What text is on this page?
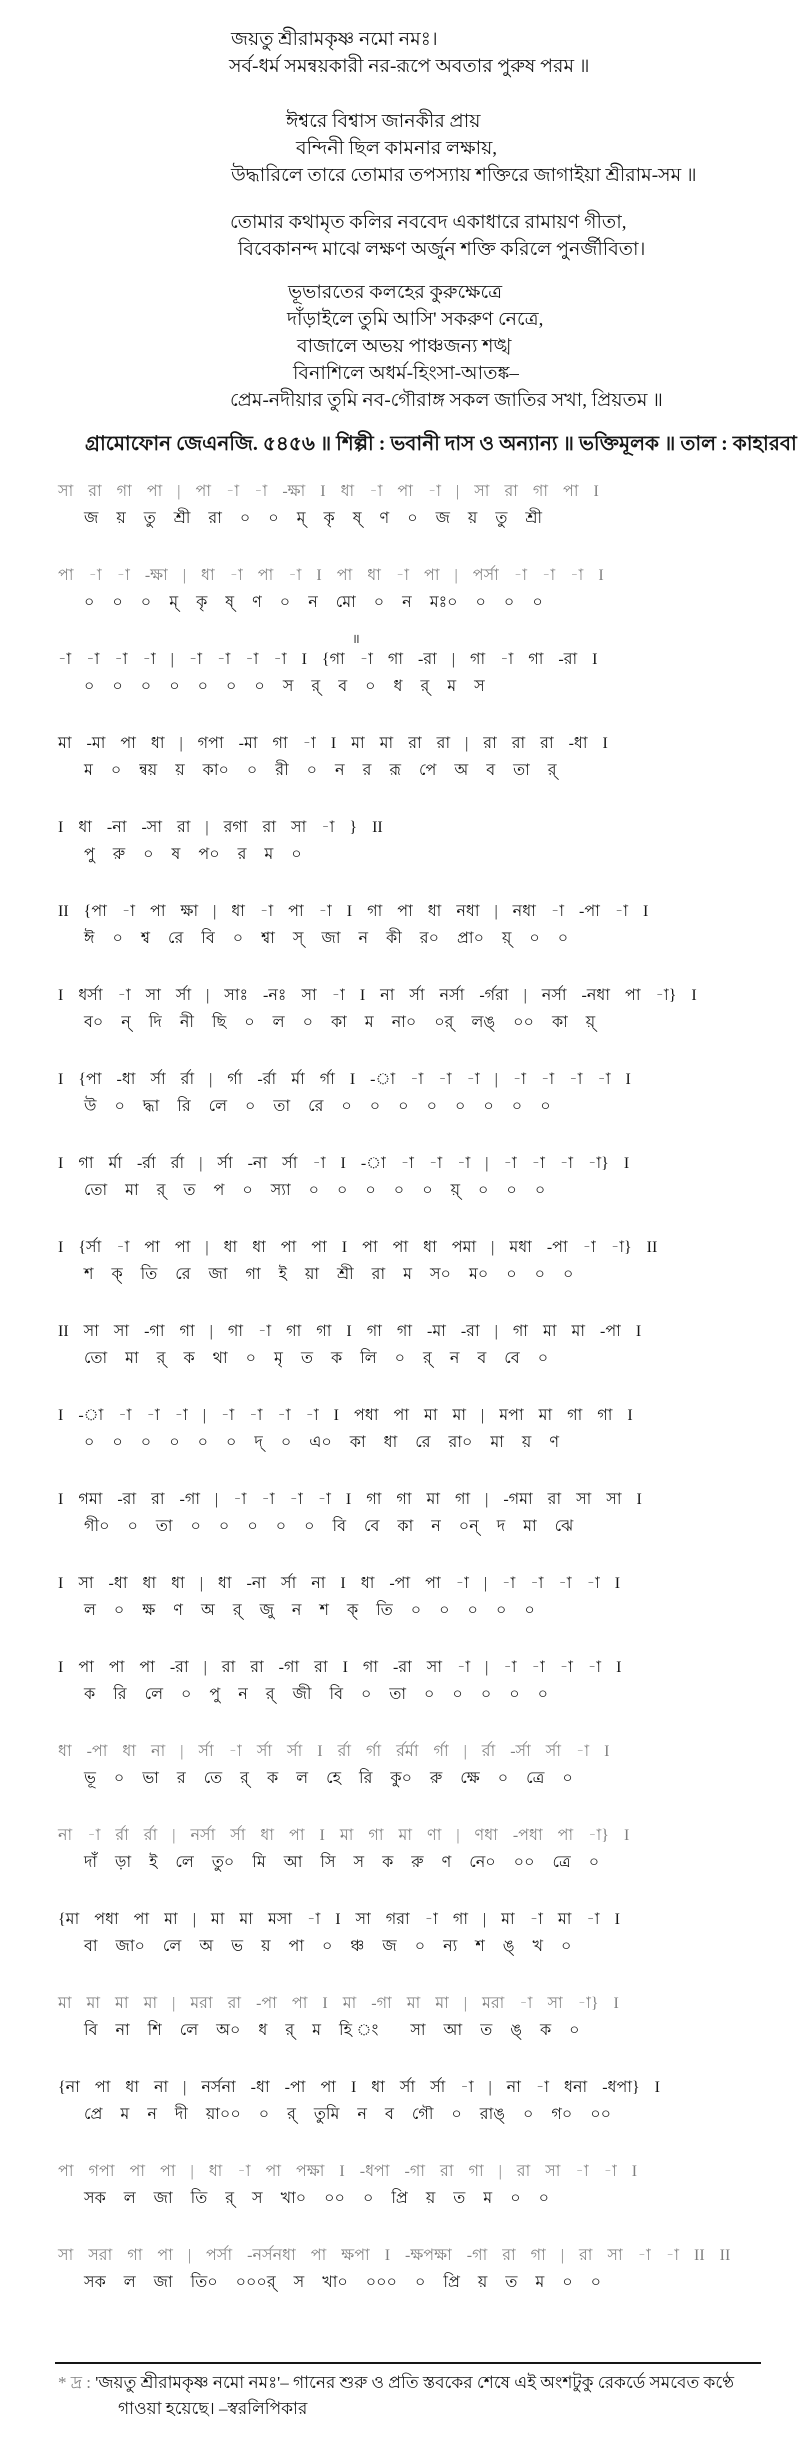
জয়তু শ্রীরামকৃষ্ণ নমো নমঃ।
সর্ব-ধর্ম সমন্বয়কারী নর-রূপে অবতার পুরুষ পরম ॥
ঈশ্বরে বিশ্বাস জানকীর প্রায়
বন্দিনী ছিল কামনার লক্ষায়,
উদ্ধারিলে তারে তোমার তপস্যায় শক্তিরে জাগাইয়া শ্রীরাম-সম ॥
তোমার কথামৃত কলির নববেদ একাধারে রামায়ণ গীতা,
বিবেকানন্দ মাঝে লক্ষণ অর্জুন শক্তি করিলে পুনর্জীবিতা।
ভূভারতের কলহের কুরুক্ষেত্রে
দাঁড়াইলে তুমি আসি' সকরুণ নেত্রে,
বাজালে অভয় পাঞ্চজন্য শঙ্খ
বিনাশিলে অধর্ম-হিংসা-আতঙ্ক–
প্রেম-নদীয়ার তুমি নব-গৌরাঙ্গ সকল জাতির সখা, প্রিয়তম ॥
গ্রামোফোন জেএনজি. ৫৪৫৬ ॥ শিল্পী : ভবানী দাস ও অন্যান্য ॥ ভক্তিমূলক ॥ তাল : কাহারবা
॥
সা রা গা পা | পা -া -া -ক্ষা I ধা -া পা -া | সা রা গা পা I
জ য় তু শ্রী রা ০ ০ ম্ কৃ ষ্ ণ ০ জ য় তু শ্রী
পা -া -া -ক্ষা | ধা -া পা -া I পা ধা -া পা | পর্সা -া -া -া I
০ ০ ০ ম্ কৃ ষ্ ণ ০ ন মো ০ ন মঃ০ ০ ০ ০
-া -া -া -া | -া -া -া -া I {গা -া গা -রা | গা -া গা -রা I
০ ০ ০ ০ ০ ০ ০ স র্ ব ০ ধ র্ ম স
মা -মা পা ধা | গপা -মা গা -া I মা মা রা রা | রা রা রা -ধা I
ম ০ ন্বয় য় কা০ ০ রী ০ ন র রূ পে অ ব তা র্
I ধা -না -সা রা | রগা রা সা -া } II
পু রু ০ ষ প০ র ম ০
II {পা -া পা ক্ষা | ধা -া পা -া I গা পা ধা নধা | নধা -া -পা -া I
ঈ ০ শ্ব রে বি ০ শ্বা স্ জা ন কী র০ প্রা০ য়্ ০ ০
I ধর্সা -া সা র্সা | সাঃ -নঃ সা -া I না র্সা নর্সা -র্গরা | নর্সা -নধা পা -া} I
ব০ ন্ দি নী ছি ০ ল ০ কা ম না০ ০র্ লঙ্ ০০ কা য়্
I {পা -ধা র্সা র্রা | র্গা -র্রা র্মা র্গা I -া -া -া -া | -া -া -া -া I
উ ০ দ্ধা রি লে ০ তা রে ০ ০ ০ ০ ০ ০ ০ ০
I গা র্মা -র্রা র্রা | র্সা -না র্সা -া I -া -া -া -া | -া -া -া -া} I
তো মা র্ ত প ০ স্যা ০ ০ ০ ০ ০ য়্ ০ ০ ০
I {র্সা -া পা পা | ধা ধা পা পা I পা পা ধা পমা | মধা -পা -া -া} II
শ ক্ তি রে জা গা ই য়া শ্রী রা ম স০ ম০ ০ ০ ০
II সা সা -গা গা | গা -া গা গা I গা গা -মা -রা | গা মা মা -পা I
তো মা র্ ক থা ০ মৃ ত ক লি ০ র্ ন ব বে ০
I -া -া -া -া | -া -া -া -া I পধা পা মা মা | মপা মা গা গা I
০ ০ ০ ০ ০ ০ দ্ ০ এ০ কা ধা রে রা০ মা য় ণ
I গমা -রা রা -গা | -া -া -া -া I গা গা মা গা | -গমা রা সা সা I
গী০ ০ তা ০ ০ ০ ০ ০ বি বে কা ন ০ন্ দ মা ঝে
I সা -ধা ধা ধা | ধা -না র্সা না I ধা -পা পা -া | -া -া -া -া I
ল ০ ক্ষ ণ অ র্ জু ন শ ক্ তি ০ ০ ০ ০ ০
I পা পা পা -রা | রা রা -গা রা I গা -রা সা -া | -া -া -া -া I
ক রি লে ০ পু ন র্ জী বি ০ তা ০ ০ ০ ০ ০
ধা -পা ধা না | র্সা -া র্সা র্সা I র্রা র্গা র্রর্মা র্গা | র্রা -র্সা র্সা -া I
ভূ ০ ভা র তে র্ ক ল হে রি কু০ রু ক্ষে ০ ত্রে ০
না -া র্রা র্রা | নর্সা র্সা ধা পা I মা গা মা ণা | ণধা -পধা পা -া} I
দাঁ ড়া ই লে তু০ মি আ সি স ক রু ণ নে০ ০০ ত্রে ০
{মা পধা পা মা | মা মা মসা -া I সা গরা -া গা | মা -া মা -া I
বা জা০ লে অ ভ য় পা ০ ঞ্চ জ ০ ন্য শ ঙ্ খ ০
মা মা মা মা | মরা রা -পা পা I মা -গা মা মা | মরা -া সা -া} I
বি না শি লে অ০ ধ র্ ম হি ং সা আ ত ঙ্ ক ০
{না পা ধা না | নর্সনা -ধা -পা পা I ধা র্সা র্সা -া | না -া ধনা -ধপা} I
প্রে ম ন দী য়া০০ ০ র্ তুমি ন ব গৌ ০ রাঙ্ ০ গ০ ০০
পা গপা পা পা | ধা -া পা পক্ষা I -ধপা -গা রা গা | রা সা -া -া I
সক ল জা তি র্ স খা০ ০০ ০ প্রি য় ত ম ০ ০
সা সরা গা পা | পর্সা -নর্সনধা পা ক্ষপা I -ক্ষপক্ষা -গা রা গা | রা সা -া -া II II
সক ল জা তি০ ০০০র্ স খা০ ০০০ ০ প্রি য় ত ম ০ ০
* দ্র : 'জয়তু শ্রীরামকৃষ্ণ নমো নমঃ'– গানের শুরু ও প্রতি স্তবকের শেষে এই অংশটুকু রেকর্ডে সমবেত কণ্ঠে
গাওয়া হয়েছে। –স্বরলিপিকার
